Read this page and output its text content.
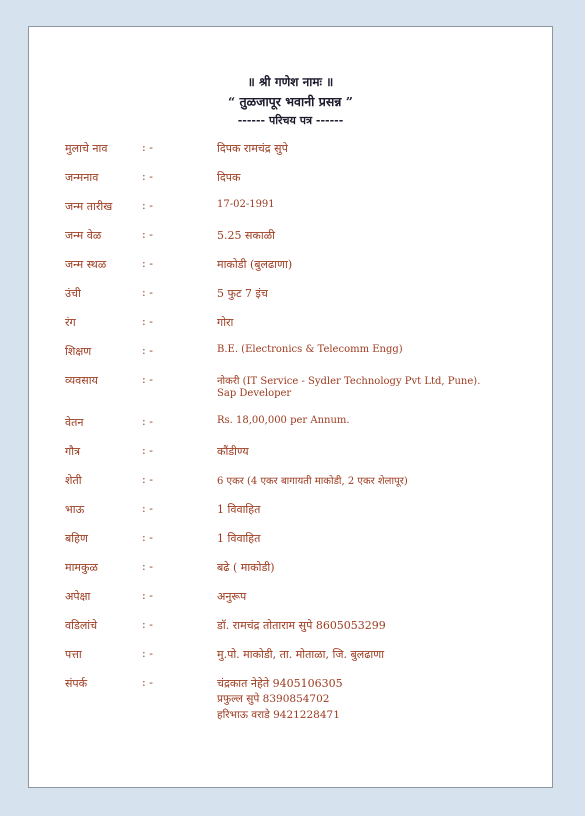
॥ श्री गणेश नामः ॥
“ तुळजापूर भवानी प्रसन्न ”
------ परिचय पत्र ------
मुलाचे नाव	: -	दिपक रामचंद्र सुपे
जन्मनाव	: -	दिपक
जन्म तारीख	: -	17-02-1991
जन्म वेळ	: -	5.25 सकाळी
जन्म स्थळ	: -	माकोडी (बुलढाणा)
उंची	: -	5 फुट 7 इंच
रंग	: -	गोरा
शिक्षण	: -	B.E. (Electronics & Telecomm Engg)
व्यवसाय	: -	नोकरी (IT Service - Sydler Technology Pvt Ltd, Pune).
Sap Developer
वेतन	: -	Rs. 18,00,000 per Annum.
गौत्र	: -	कौंडीण्य
शेती	: -	6 एकर (4 एकर बागायती माकोडी, 2 एकर शेलापूर)
भाऊ	: -	1 विवाहित
बहिण	: -	1 विवाहित
मामकुळ	: -	बढे ( माकोडी)
अपेक्षा	: -	अनुरूप
वडिलांचे	: -	डॉ. रामचंद्र तोताराम सुपे 8605053299
पत्ता	: -	मु.पो. माकोडी, ता. मोताळा, जि. बुलढाणा
संपर्क	: -	चंद्रकात नेहेते 9405106305
प्रफुल्ल सुपे 8390854702
हरिभाऊ वराडे 9421228471
